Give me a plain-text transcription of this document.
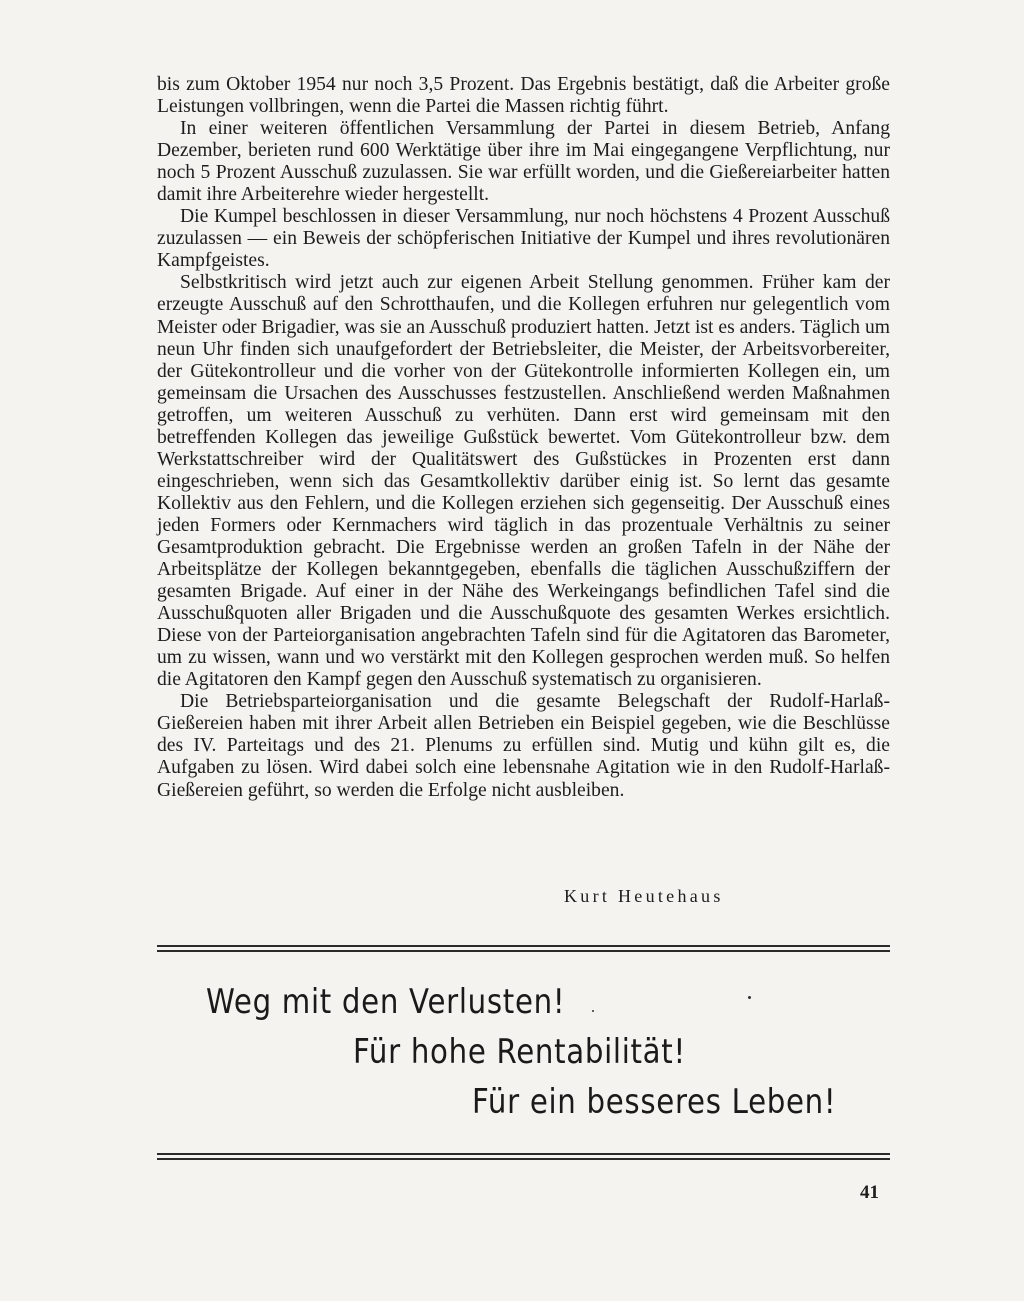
bis zum Oktober 1954 nur noch 3,5 Prozent. Das Ergebnis bestätigt, daß die Arbeiter große Leistungen vollbringen, wenn die Partei die Massen richtig führt.

In einer weiteren öffentlichen Versammlung der Partei in diesem Betrieb, Anfang Dezember, berieten rund 600 Werktätige über ihre im Mai eingegangene Verpflichtung, nur noch 5 Prozent Ausschuß zuzulassen. Sie war erfüllt worden, und die Gießereiarbeiter hatten damit ihre Arbeiterehre wieder hergestellt.

Die Kumpel beschlossen in dieser Versammlung, nur noch höchstens 4 Prozent Ausschuß zuzulassen — ein Beweis der schöpferischen Initiative der Kumpel und ihres revolutionären Kampfgeistes.

Selbstkritisch wird jetzt auch zur eigenen Arbeit Stellung genommen. Früher kam der erzeugte Ausschuß auf den Schrotthaufen, und die Kollegen erfuhren nur gelegentlich vom Meister oder Brigadier, was sie an Ausschuß produziert hatten. Jetzt ist es anders. Täglich um neun Uhr finden sich unaufgefordert der Betriebsleiter, die Meister, der Arbeitsvorbereiter, der Gütekontrolleur und die vorher von der Gütekontrolle informierten Kollegen ein, um gemeinsam die Ursachen des Ausschusses festzustellen. Anschließend werden Maßnahmen getroffen, um weiteren Ausschuß zu verhüten. Dann erst wird gemeinsam mit den betreffenden Kollegen das jeweilige Gußstück bewertet. Vom Gütekontrolleur bzw. dem Werkstattschreiber wird der Qualitätswert des Gußstückes in Prozenten erst dann eingeschrieben, wenn sich das Gesamtkollektiv darüber einig ist. So lernt das gesamte Kollektiv aus den Fehlern, und die Kollegen erziehen sich gegenseitig. Der Ausschuß eines jeden Formers oder Kernmachers wird täglich in das prozentuale Verhältnis zu seiner Gesamtproduktion gebracht. Die Ergebnisse werden an großen Tafeln in der Nähe der Arbeitsplätze der Kollegen bekanntgegeben, ebenfalls die täglichen Ausschußziffern der gesamten Brigade. Auf einer in der Nähe des Werkeingangs befindlichen Tafel sind die Ausschußquoten aller Brigaden und die Ausschußquote des gesamten Werkes ersichtlich. Diese von der Parteiorganisation angebrachten Tafeln sind für die Agitatoren das Barometer, um zu wissen, wann und wo verstärkt mit den Kollegen gesprochen werden muß. So helfen die Agitatoren den Kampf gegen den Ausschuß systematisch zu organisieren.

Die Betriebsparteiorganisation und die gesamte Belegschaft der Rudolf-Harlaß-Gießereien haben mit ihrer Arbeit allen Betrieben ein Beispiel gegeben, wie die Beschlüsse des IV. Parteitags und des 21. Plenums zu erfüllen sind. Mutig und kühn gilt es, die Aufgaben zu lösen. Wird dabei solch eine lebensnahe Agitation wie in den Rudolf-Harlaß-Gießereien geführt, so werden die Erfolge nicht ausbleiben.

Kurt Heutehaus
Weg mit den Verlusten!
Für hohe Rentabilität!
Für ein besseres Leben!
41
